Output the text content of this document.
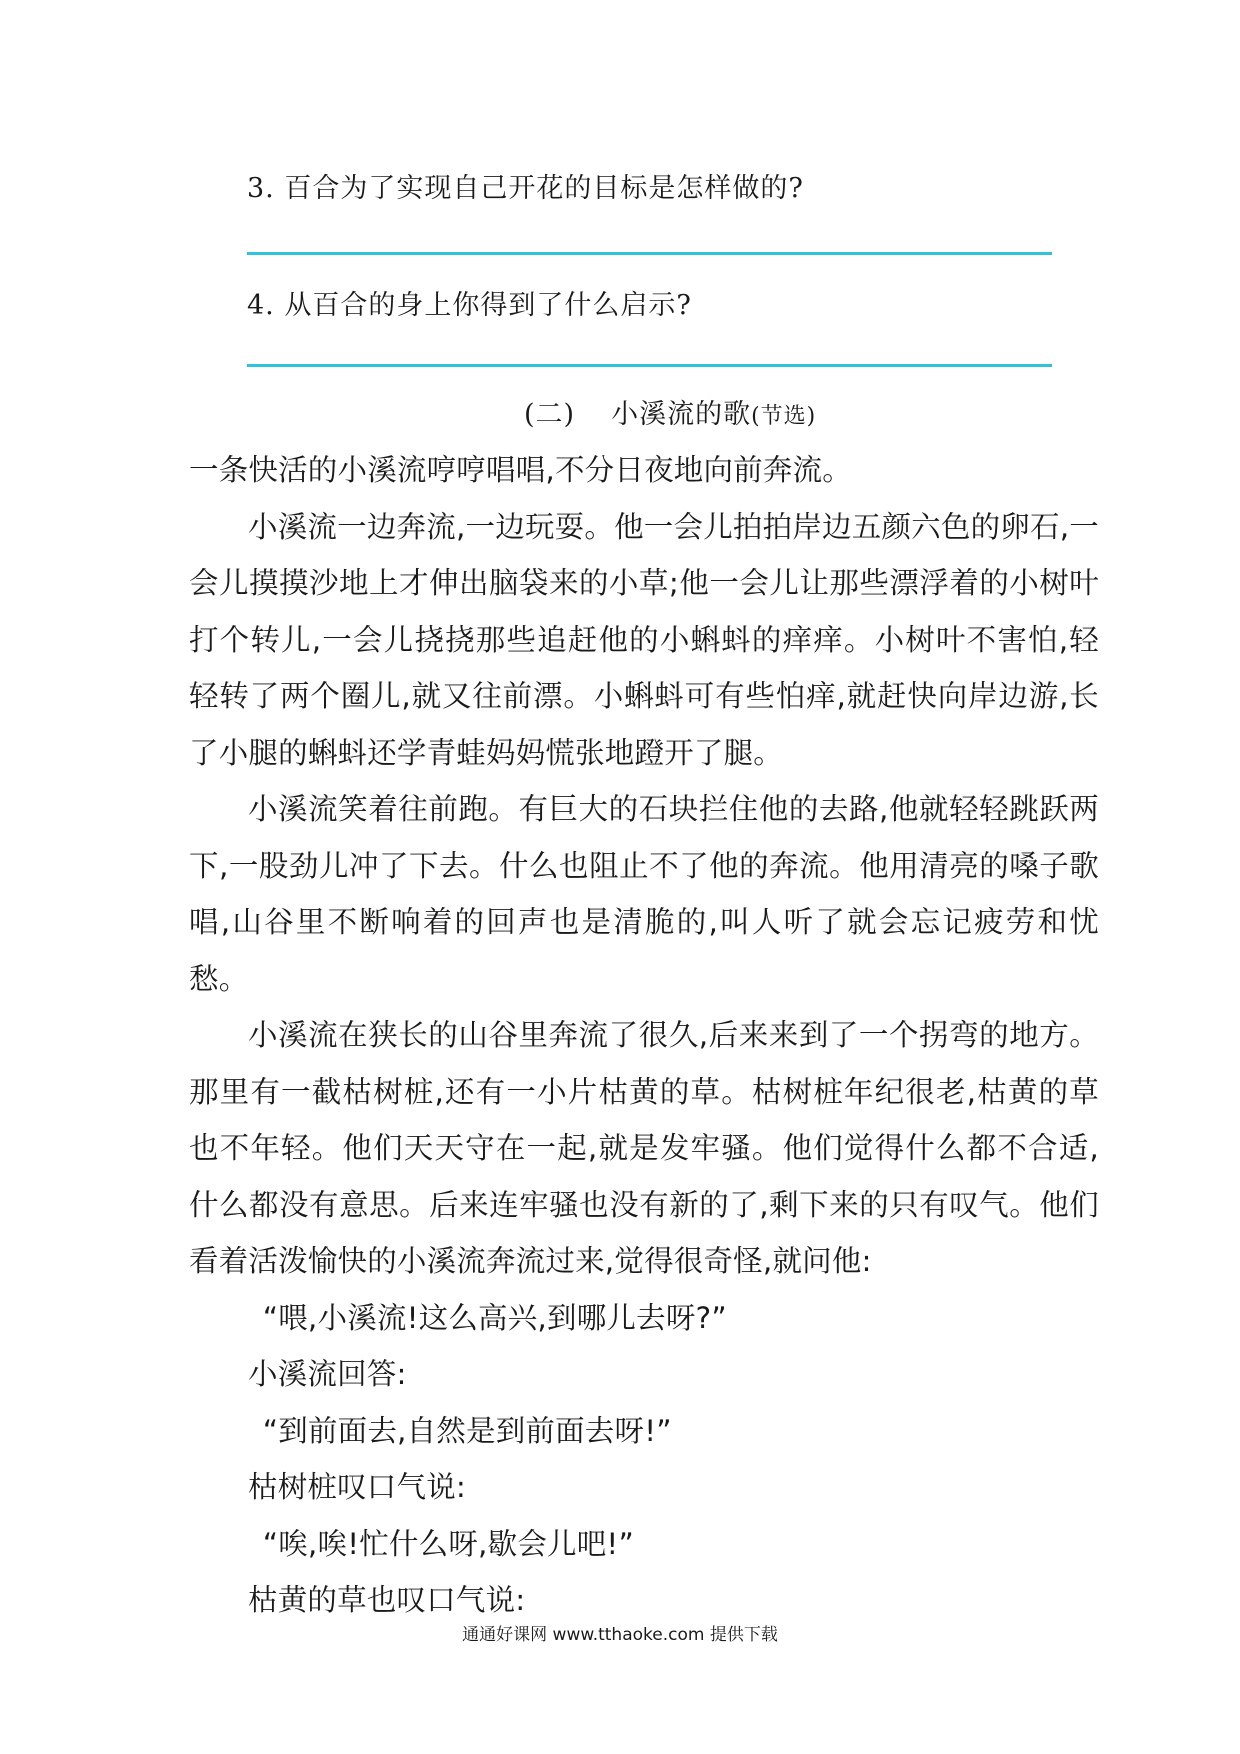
3. 百合为了实现自己开花的目标是怎样做的?
4. 从百合的身上你得到了什么启示?
(二) 小溪流的歌(节选)

一条快活的小溪流哼哼唱唱,不分日夜地向前奔流。

小溪流一边奔流,一边玩耍。他一会儿拍拍岸边五颜六色的卵石,一会儿摸摸沙地上才伸出脑袋来的小草;他一会儿让那些漂浮着的小树叶打个转儿,一会儿挠挠那些追赶他的小蝌蚪的痒痒。小树叶不害怕,轻轻转了两个圈儿,就又往前漂。小蝌蚪可有些怕痒,就赶快向岸边游,长了小腿的蝌蚪还学青蛙妈妈慌张地蹬开了腿。

小溪流笑着往前跑。有巨大的石块拦住他的去路,他就轻轻跳跃两下,一股劲儿冲了下去。什么也阻止不了他的奔流。他用清亮的嗓子歌唱,山谷里不断响着的回声也是清脆的,叫人听了就会忘记疲劳和忧愁。

小溪流在狭长的山谷里奔流了很久,后来来到了一个拐弯的地方。那里有一截枯树桩,还有一小片枯黄的草。枯树桩年纪很老,枯黄的草也不年轻。他们天天守在一起,就是发牢骚。他们觉得什么都不合适,什么都没有意思。后来连牢骚也没有新的了,剩下来的只有叹气。他们看着活泼愉快的小溪流奔流过来,觉得很奇怪,就问他:

“喂,小溪流!这么高兴,到哪儿去呀?”

小溪流回答:

“到前面去,自然是到前面去呀!”

枯树桩叹口气说:

“唉,唉!忙什么呀,歇会儿吧!”

枯黄的草也叹口气说:

通通好课网 www.tthaoke.com 提供下载
